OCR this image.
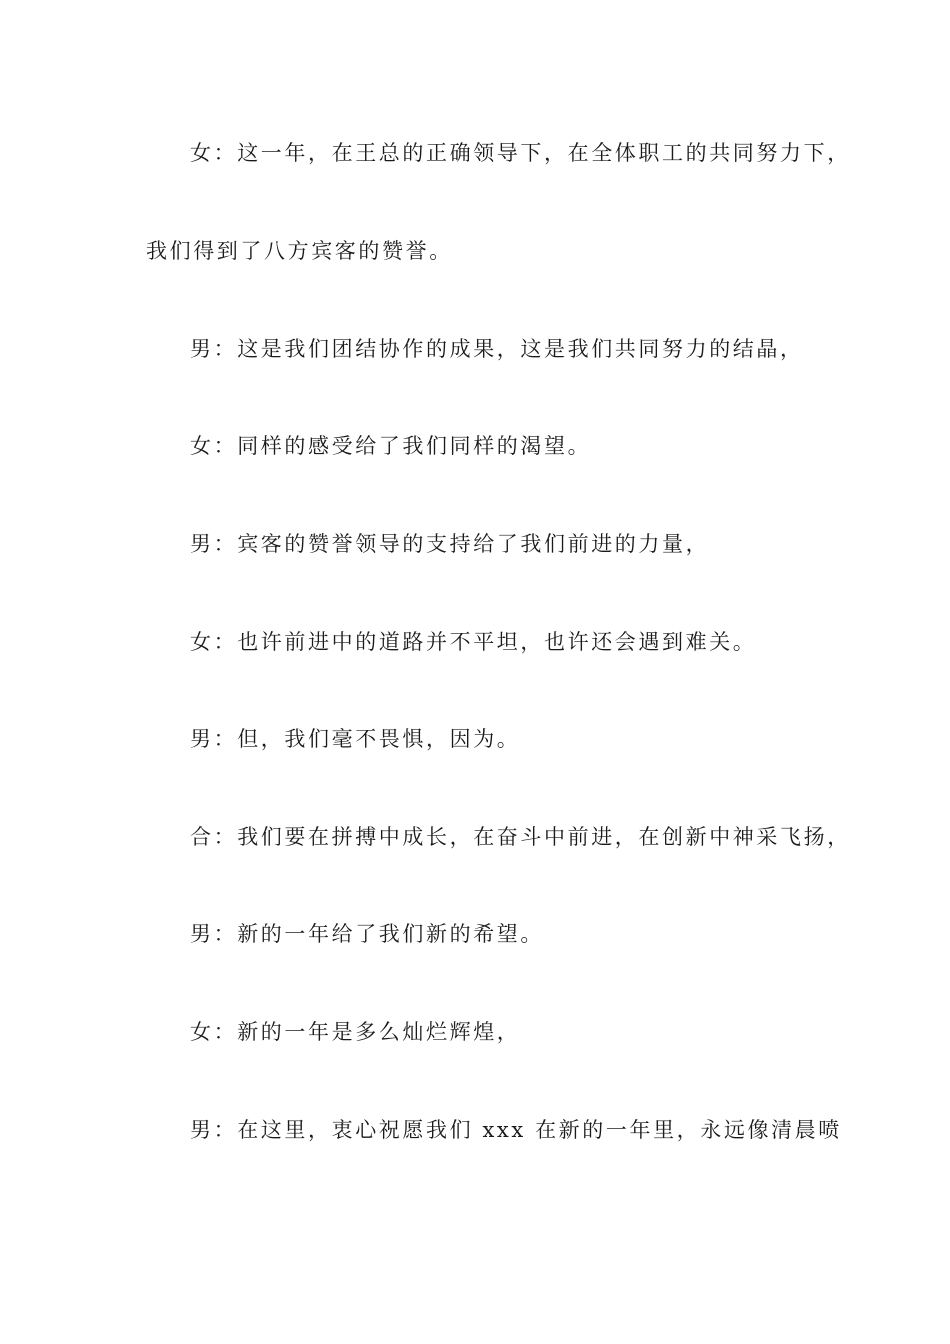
女：这一年，在王总的正确领导下，在全体职工的共同努力下，
我们得到了八方宾客的赞誉。
男：这是我们团结协作的成果，这是我们共同努力的结晶，
女：同样的感受给了我们同样的渴望。
男：宾客的赞誉领导的支持给了我们前进的力量，
女：也许前进中的道路并不平坦，也许还会遇到难关。
男：但，我们毫不畏惧，因为。
合：我们要在拼搏中成长，在奋斗中前进，在创新中神采飞扬，
男：新的一年给了我们新的希望。
女：新的一年是多么灿烂辉煌，
男：在这里，衷心祝愿我们 xxx 在新的一年里，永远像清晨喷
